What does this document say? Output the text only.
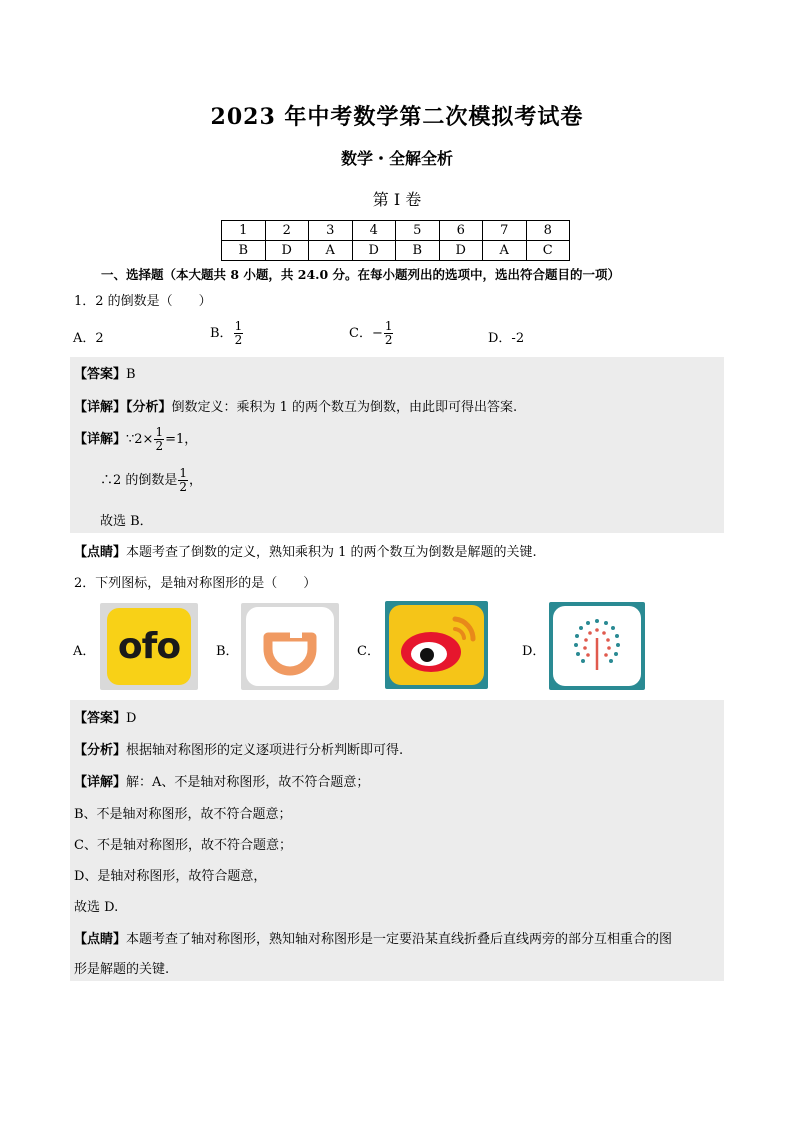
2023 年中考数学第二次模拟考试卷
数学・全解全析
第 I 卷
1	2	3	4	5	6	7	8
B	D	A	D	B	D	A	C
一、选择题（本大题共 8 小题，共 24.0 分。在每小题列出的选项中，选出符合题目的一项）
1．2 的倒数是（　　）
A．2	B． $\frac{1}{2}$	C．− $\frac{1}{2}$	D．-2
【答案】B
【详解】【分析】倒数定义：乘积为 1 的两个数互为倒数，由此即可得出答案.
【详解】∵2× $\frac{1}{2} =1$，
∴2 的倒数是 $\frac{1}{2}$ ，
故选 B．
【点睛】本题考查了倒数的定义，熟知乘积为 1 的两个数互为倒数是解题的关键.
2．下列图标，是轴对称图形的是（　　）
A． ofo	B．	C．	D．
【答案】D
【分析】根据轴对称图形的定义逐项进行分析判断即可得.
【详解】解：A、不是轴对称图形，故不符合题意；
B、不是轴对称图形，故不符合题意；
C、不是轴对称图形，故不符合题意；
D、是轴对称图形，故符合题意，
故选 D.
【点睛】本题考查了轴对称图形，熟知轴对称图形是一定要沿某直线折叠后直线两旁的部分互相重合的图
形是解题的关键.
